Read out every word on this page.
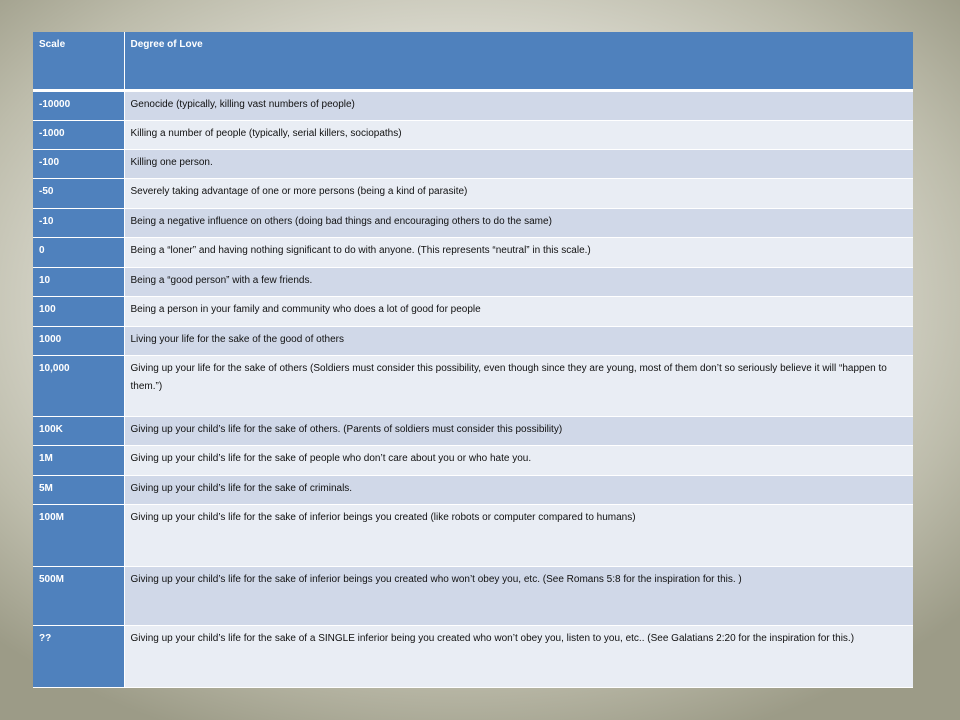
Scale	Degree of Love
-10000	Genocide (typically, killing vast numbers of people)
-1000	Killing a number of people (typically, serial killers, sociopaths)
-100	Killing one person.
-50	Severely taking advantage of one or more persons (being a kind of parasite)
-10	Being a negative influence on others (doing bad things and encouraging others to do the same)
0	Being a “loner” and having nothing significant to do with anyone. (This represents “neutral” in this scale.)
10	Being a “good person” with a few friends.
100	Being a person in your family and community who does a lot of good for people
1000	Living your life for the sake of the good of others
10,000	Giving up your life for the sake of others (Soldiers must consider this possibility, even though since they are young, most of them don’t so seriously believe it will “happen to them.”)
100K	Giving up your child’s life for the sake of others. (Parents of soldiers must consider this possibility)
1M	Giving up your child’s life for the sake of people who don’t care about you or who hate you.
5M	Giving up your child’s life for the sake of criminals.
100M	Giving up your child’s life for the sake of inferior beings you created (like robots or computer compared to humans)
500M	Giving up your child’s life for the sake of inferior beings you created who won’t obey you, etc. (See Romans 5:8 for the inspiration for this. )
??	Giving up your child’s life for the sake of a SINGLE inferior being you created who won’t obey you, listen to you, etc.. (See Galatians 2:20 for the inspiration for this.)
